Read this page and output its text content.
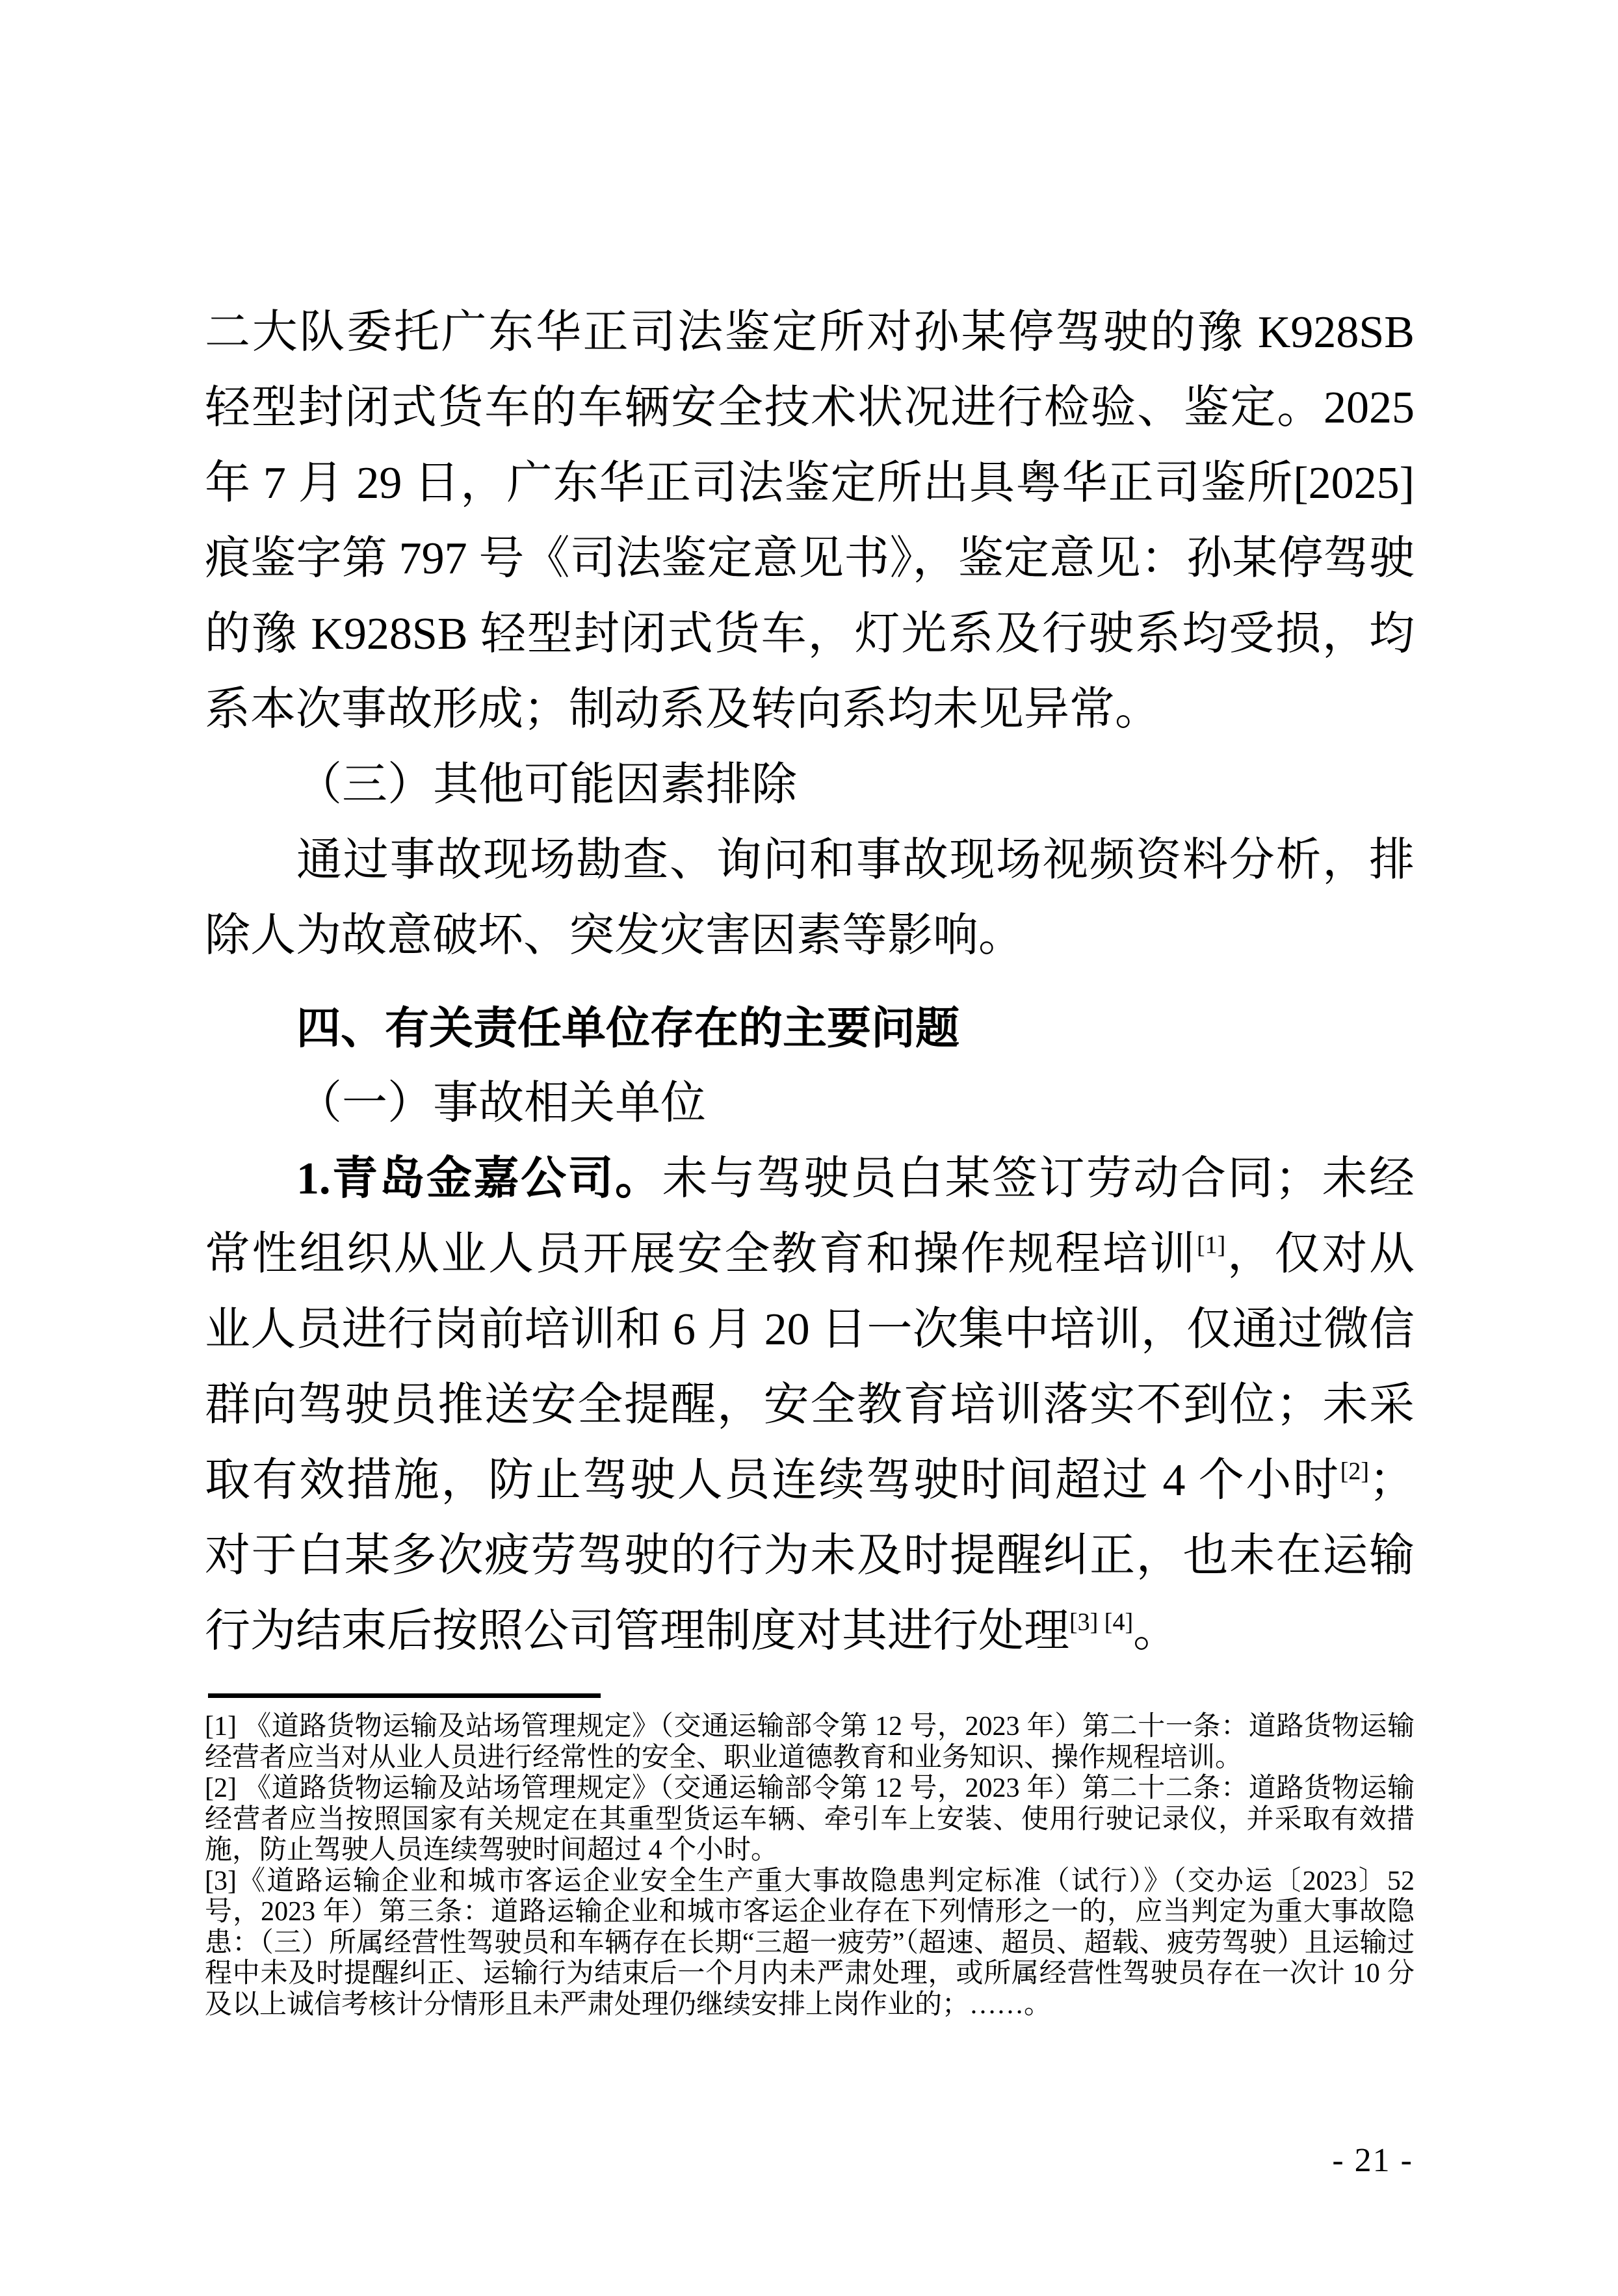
二大队委托广东华正司法鉴定所对孙某停驾驶的豫 K928SB 轻型封闭式货车的车辆安全技术状况进行检验、鉴定。2025 年 7 月 29 日，广东华正司法鉴定所出具粤华正司鉴所[2025]痕鉴字第 797 号《司法鉴定意见书》，鉴定意见：孙某停驾驶的豫 K928SB 轻型封闭式货车，灯光系及行驶系均受损，均系本次事故形成；制动系及转向系均未见异常。

（三）其他可能因素排除

通过事故现场勘查、询问和事故现场视频资料分析，排除人为故意破坏、突发灾害因素等影响。

四、有关责任单位存在的主要问题

（一）事故相关单位

1.青岛金嘉公司。未与驾驶员白某签订劳动合同；未经常性组织从业人员开展安全教育和操作规程培训[1]，仅对从业人员进行岗前培训和 6 月 20 日一次集中培训，仅通过微信群向驾驶员推送安全提醒，安全教育培训落实不到位；未采取有效措施，防止驾驶人员连续驾驶时间超过 4 个小时[2]；对于白某多次疲劳驾驶的行为未及时提醒纠正，也未在运输行为结束后按照公司管理制度对其进行处理[3] [4]。

[1] 《道路货物运输及站场管理规定》（交通运输部令第 12 号，2023 年）第二十一条：道路货物运输经营者应当对从业人员进行经常性的安全、职业道德教育和业务知识、操作规程培训。

[2] 《道路货物运输及站场管理规定》（交通运输部令第 12 号，2023 年）第二十二条：道路货物运输经营者应当按照国家有关规定在其重型货运车辆、牵引车上安装、使用行驶记录仪，并采取有效措施，防止驾驶人员连续驾驶时间超过 4 个小时。

[3]《道路运输企业和城市客运企业安全生产重大事故隐患判定标准（试行）》（交办运〔2023〕52 号，2023 年）第三条：道路运输企业和城市客运企业存在下列情形之一的，应当判定为重大事故隐患：（三）所属经营性驾驶员和车辆存在长期“三超一疲劳”（超速、超员、超载、疲劳驾驶）且运输过程中未及时提醒纠正、运输行为结束后一个月内未严肃处理，或所属经营性驾驶员存在一次计 10 分及以上诚信考核计分情形且未严肃处理仍继续安排上岗作业的；……。

- 21 -
